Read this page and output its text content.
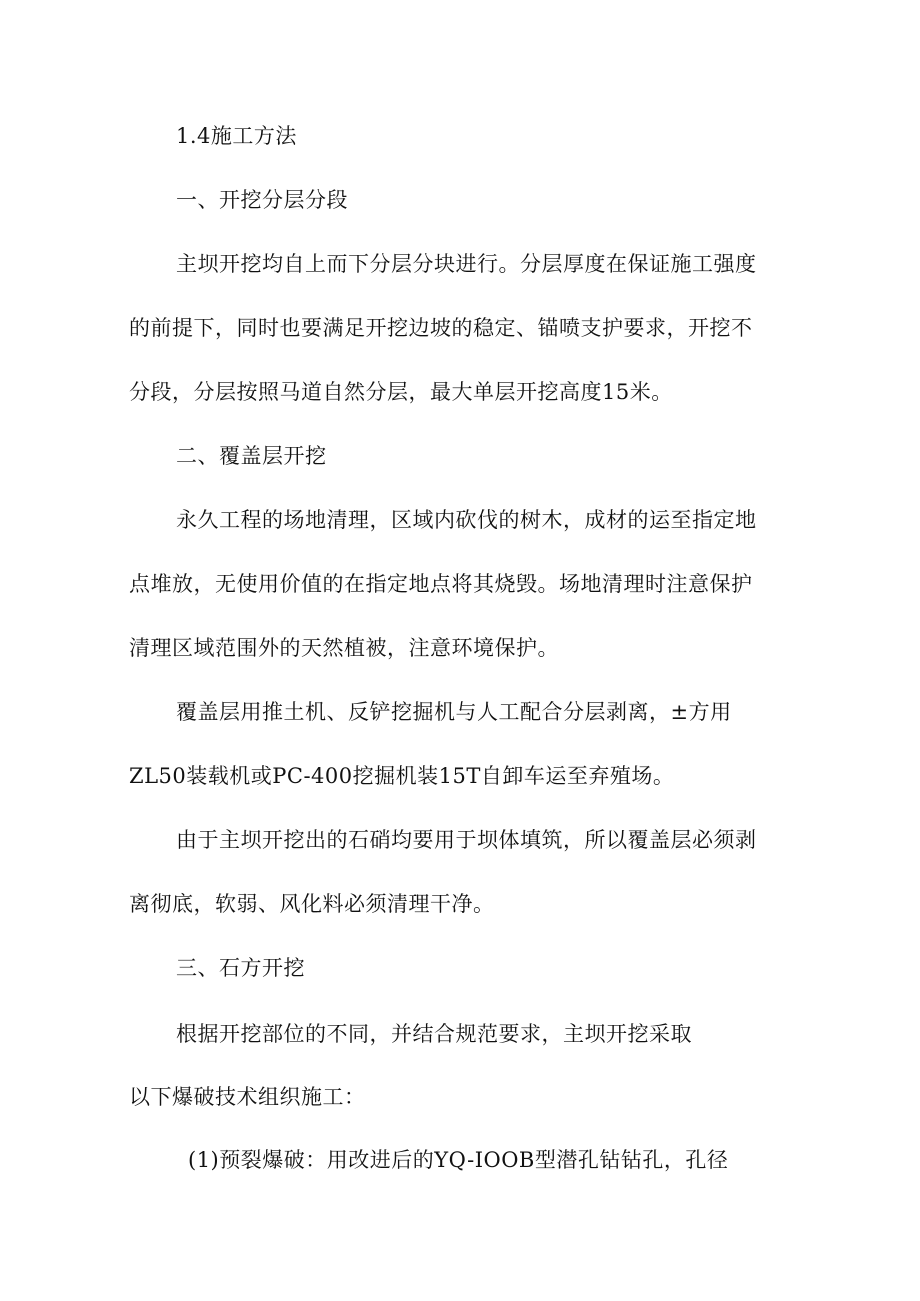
1.4施工方法
一、开挖分层分段
主坝开挖均自上而下分层分块进行。分层厚度在保证施工强度
的前提下，同时也要满足开挖边坡的稳定、锚喷支护要求，开挖不
分段，分层按照马道自然分层，最大单层开挖高度15米。
二、覆盖层开挖
永久工程的场地清理，区域内砍伐的树木，成材的运至指定地
点堆放，无使用价值的在指定地点将其烧毁。场地清理时注意保护
清理区域范围外的天然植被，注意环境保护。
覆盖层用推土机、反铲挖掘机与人工配合分层剥离，±方用
ZL50装载机或PC-400挖掘机装15T自卸车运至弃殖场。
由于主坝开挖出的石硝均要用于坝体填筑，所以覆盖层必须剥
离彻底，软弱、风化料必须清理干净。
三、石方开挖
根据开挖部位的不同，并结合规范要求，主坝开挖采取
以下爆破技术组织施工：
(1)预裂爆破：用改进后的YQ-IOOB型潜孔钻钻孔，孔径
